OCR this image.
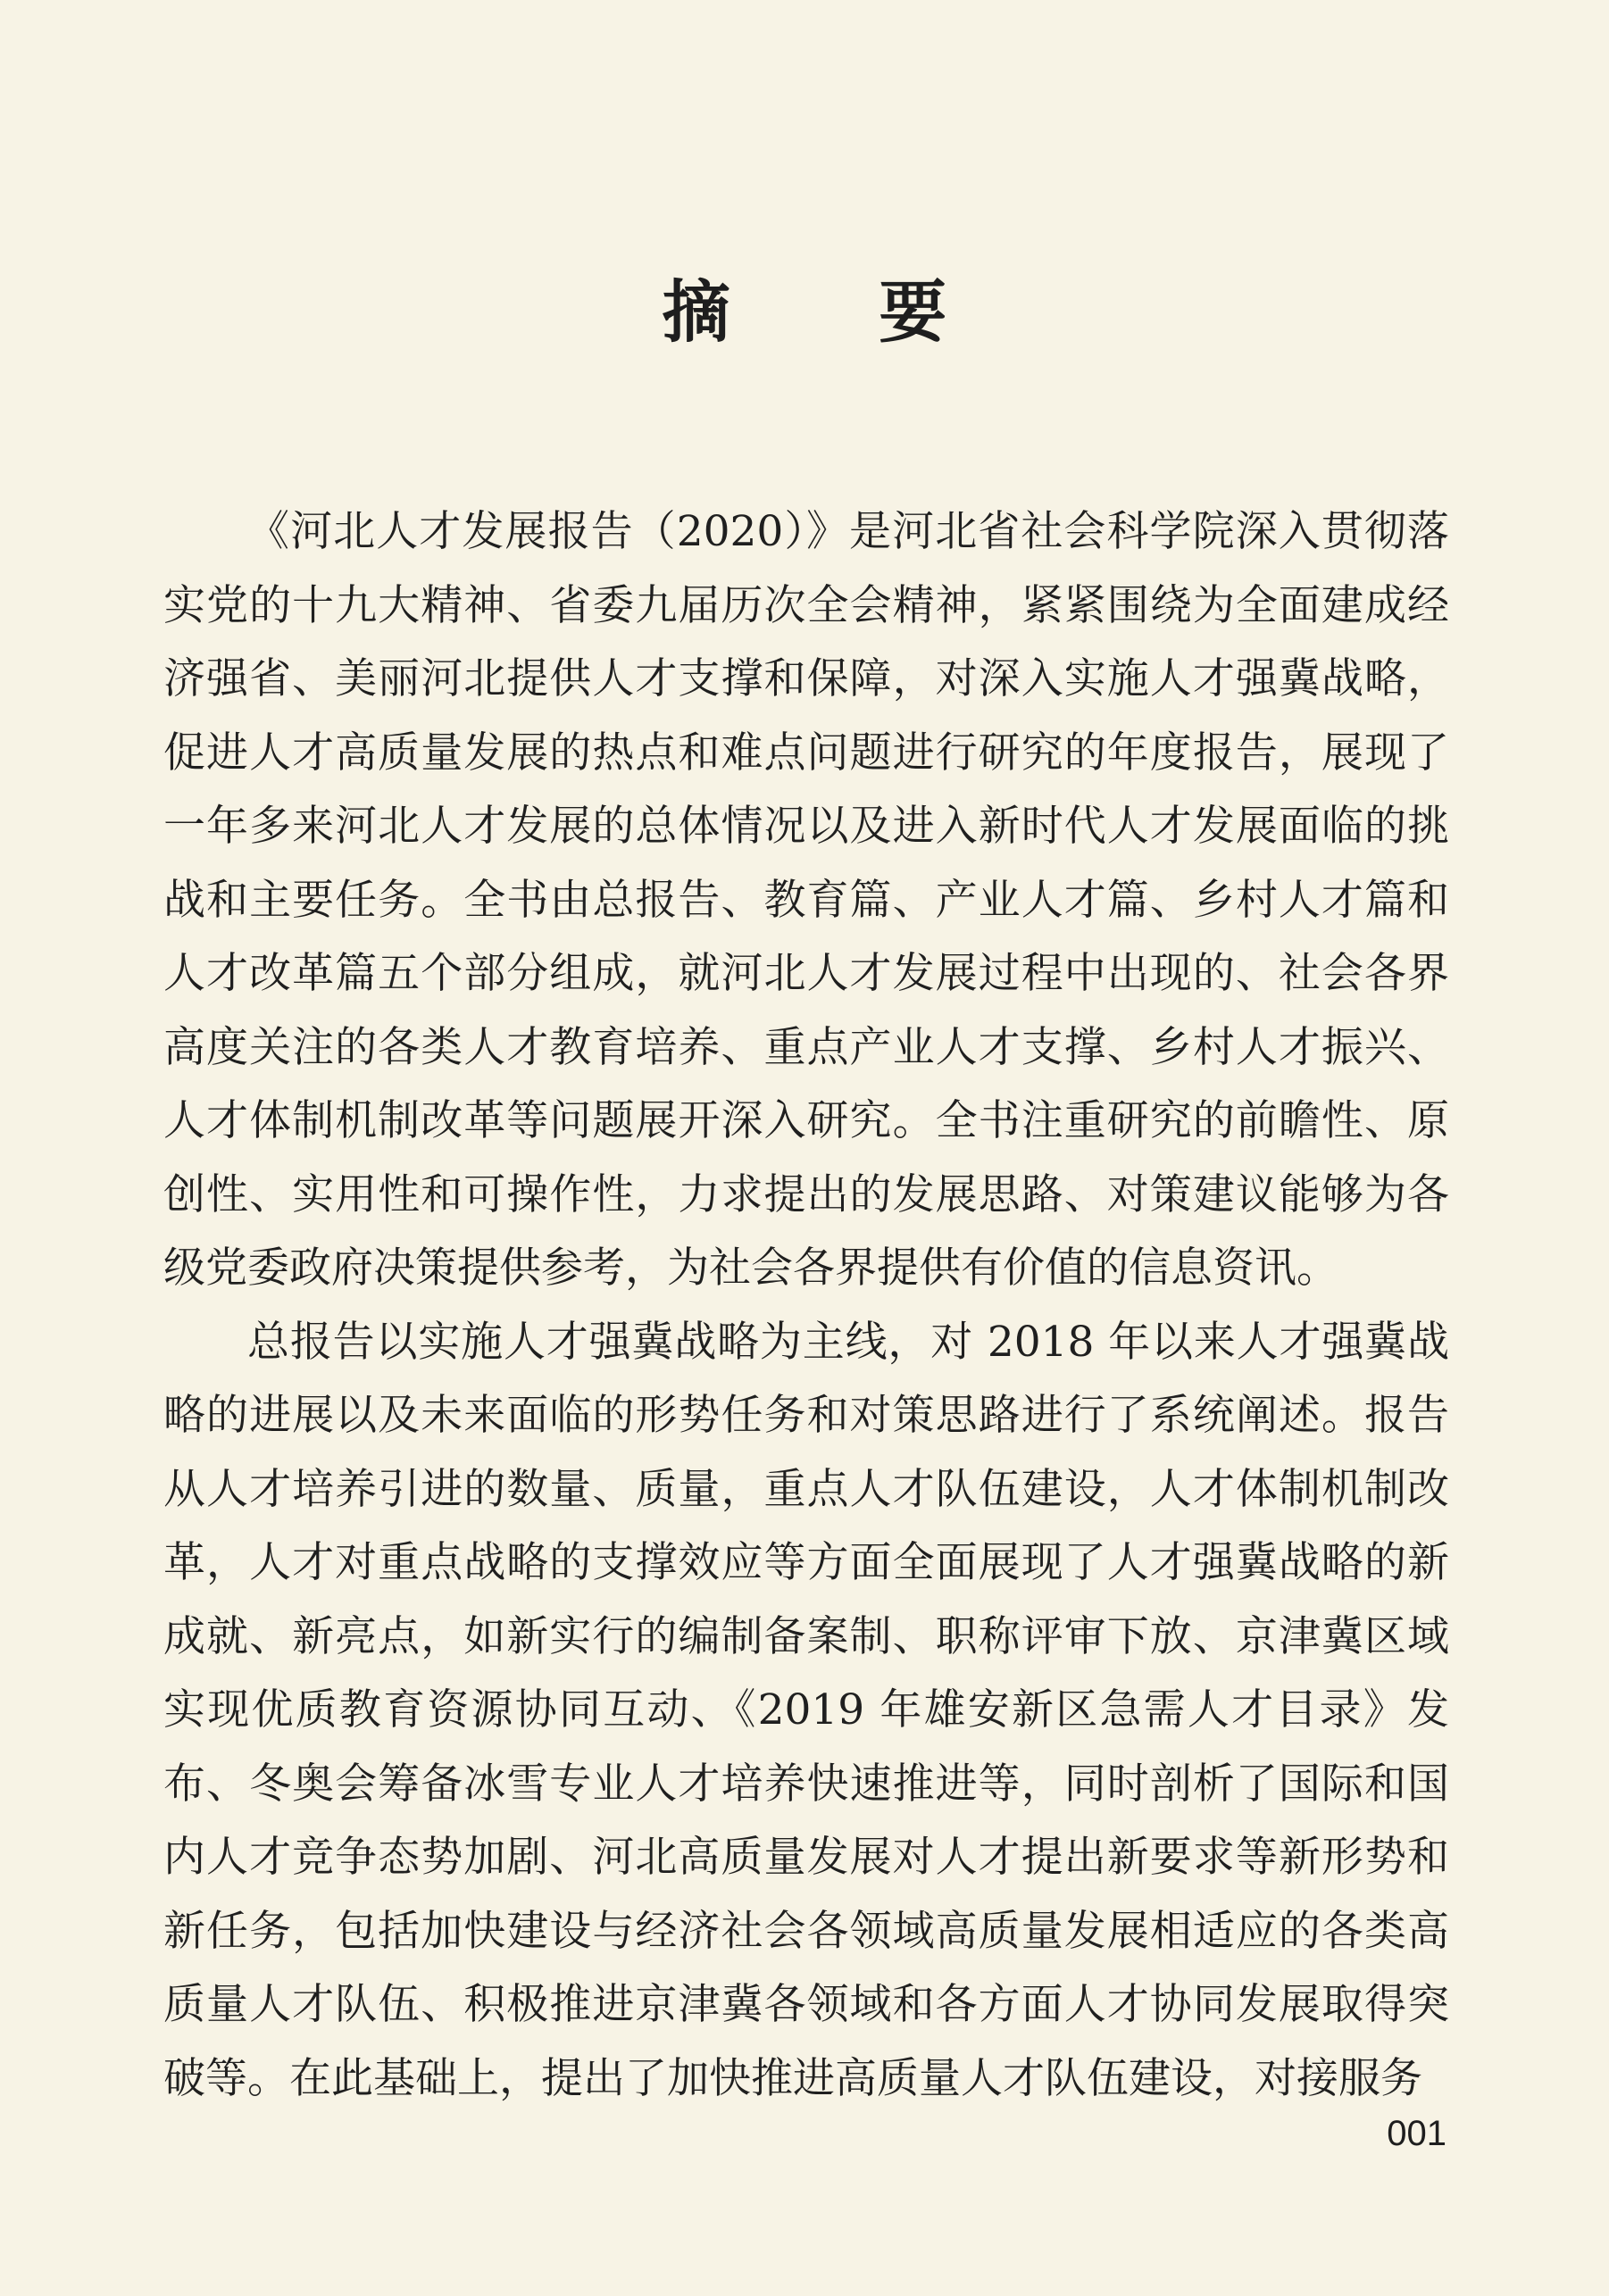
摘 要

《河北人才发展报告（2020）》是河北省社会科学院深入贯彻落实党的十九大精神、省委九届历次全会精神，紧紧围绕为全面建成经济强省、美丽河北提供人才支撑和保障，对深入实施人才强冀战略，促进人才高质量发展的热点和难点问题进行研究的年度报告，展现了一年多来河北人才发展的总体情况以及进入新时代人才发展面临的挑战和主要任务。全书由总报告、教育篇、产业人才篇、乡村人才篇和人才改革篇五个部分组成，就河北人才发展过程中出现的、社会各界高度关注的各类人才教育培养、重点产业人才支撑、乡村人才振兴、人才体制机制改革等问题展开深入研究。全书注重研究的前瞻性、原创性、实用性和可操作性，力求提出的发展思路、对策建议能够为各级党委政府决策提供参考，为社会各界提供有价值的信息资讯。

总报告以实施人才强冀战略为主线，对 2018 年以来人才强冀战略的进展以及未来面临的形势任务和对策思路进行了系统阐述。报告从人才培养引进的数量、质量，重点人才队伍建设，人才体制机制改革，人才对重点战略的支撑效应等方面全面展现了人才强冀战略的新成就、新亮点，如新实行的编制备案制、职称评审下放、京津冀区域实现优质教育资源协同互动、《2019 年雄安新区急需人才目录》发布、冬奥会筹备冰雪专业人才培养快速推进等，同时剖析了国际和国内人才竞争态势加剧、河北高质量发展对人才提出新要求等新形势和新任务，包括加快建设与经济社会各领域高质量发展相适应的各类高质量人才队伍、积极推进京津冀各领域和各方面人才协同发展取得突破等。在此基础上，提出了加快推进高质量人才队伍建设，对接服务

001
